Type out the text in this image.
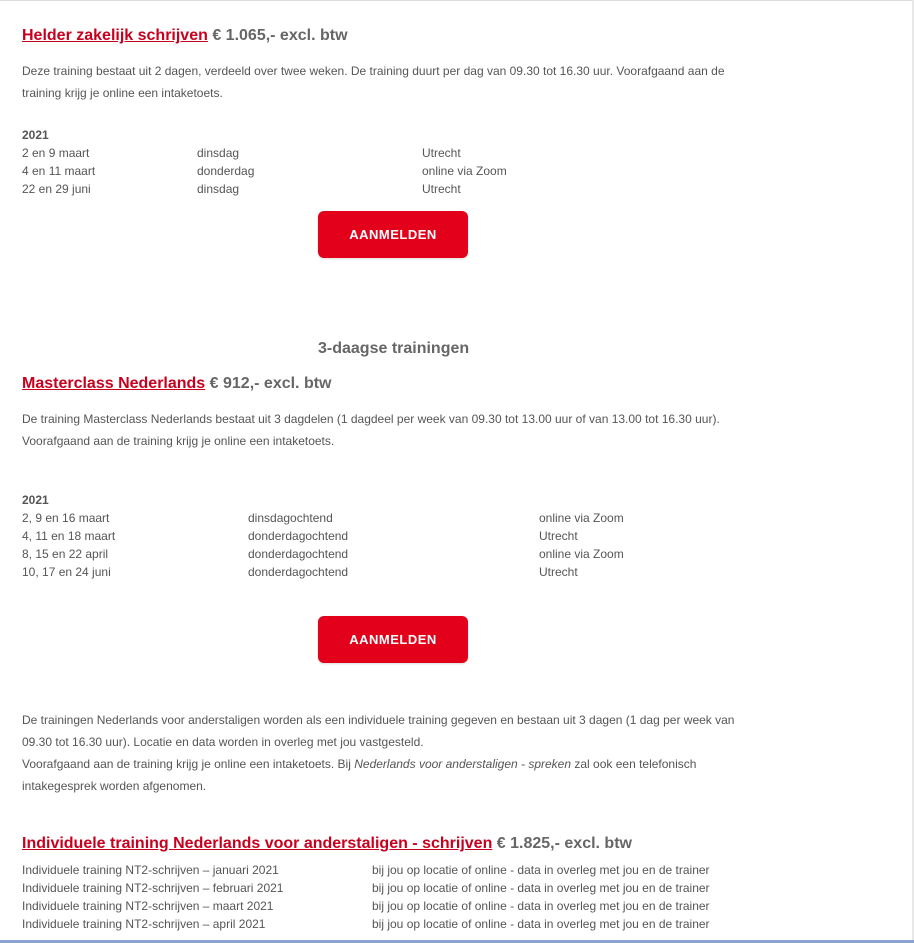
Helder zakelijk schrijven € 1.065,- excl. btw
Deze training bestaat uit 2 dagen, verdeeld over twee weken. De training duurt per dag van 09.30 tot 16.30 uur. Voorafgaand aan de training krijg je online een intaketoets.
2021
2 en 9 maart	dinsdag	Utrecht
4 en 11 maart	donderdag	online via Zoom
22 en 29 juni	dinsdag	Utrecht
AANMELDEN
3-daagse trainingen
Masterclass Nederlands € 912,- excl. btw
De training Masterclass Nederlands bestaat uit 3 dagdelen (1 dagdeel per week van 09.30 tot 13.00 uur of van 13.00 tot 16.30 uur). Voorafgaand aan de training krijg je online een intaketoets.
2021
2, 9 en 16 maart	dinsdagochtend	online via Zoom
4, 11 en 18 maart	donderdagochtend	Utrecht
8, 15 en 22 april	donderdagochtend	online via Zoom
10, 17 en 24 juni	donderdagochtend	Utrecht
AANMELDEN
De trainingen Nederlands voor anderstaligen worden als een individuele training gegeven en bestaan uit 3 dagen (1 dag per week van 09.30 tot 16.30 uur). Locatie en data worden in overleg met jou vastgesteld.
Voorafgaand aan de training krijg je online een intaketoets. Bij Nederlands voor anderstaligen - spreken zal ook een telefonisch intakegesprek worden afgenomen.
Individuele training Nederlands voor anderstaligen - schrijven € 1.825,- excl. btw
Individuele training NT2-schrijven – januari 2021	bij jou op locatie of online - data in overleg met jou en de trainer
Individuele training NT2-schrijven – februari 2021	bij jou op locatie of online - data in overleg met jou en de trainer
Individuele training NT2-schrijven – maart 2021	bij jou op locatie of online - data in overleg met jou en de trainer
Individuele training NT2-schrijven – april 2021	bij jou op locatie of online - data in overleg met jou en de trainer
